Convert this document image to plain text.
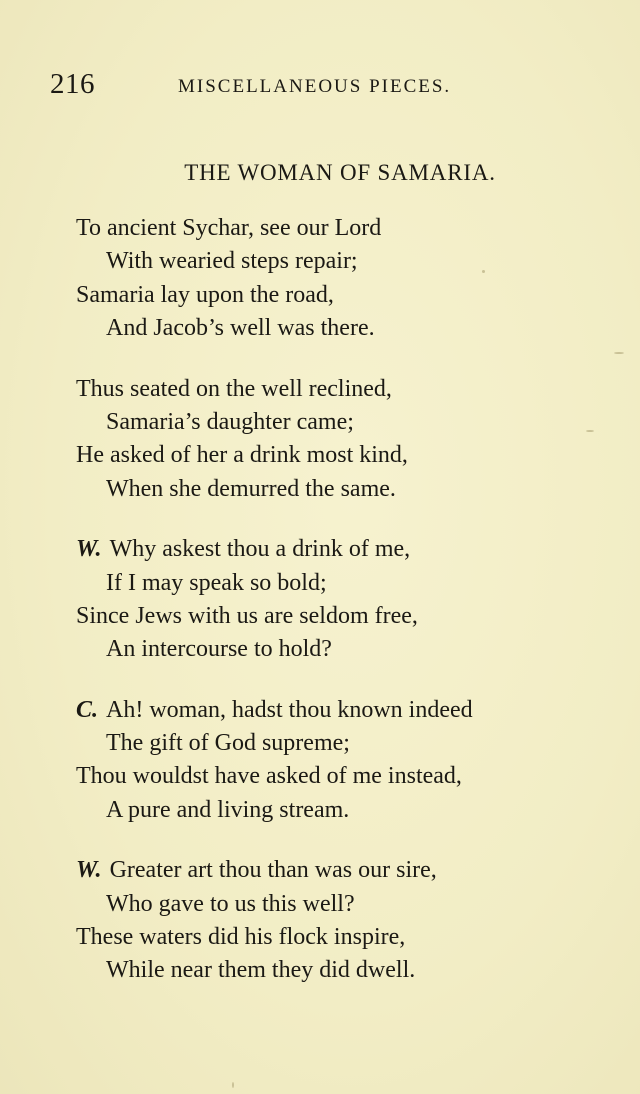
216	MISCELLANEOUS PIECES.
THE WOMAN OF SAMARIA.
To ancient Sychar, see our Lord
With wearied steps repair;
Samaria lay upon the road,
And Jacob’s well was there.
Thus seated on the well reclined,
Samaria’s daughter came;
He asked of her a drink most kind,
When she demurred the same.
W. Why askest thou a drink of me,
If I may speak so bold;
Since Jews with us are seldom free,
An intercourse to hold?
C. Ah! woman, hadst thou known indeed
The gift of God supreme;
Thou wouldst have asked of me instead,
A pure and living stream.
W. Greater art thou than was our sire,
Who gave to us this well?
These waters did his flock inspire,
While near them they did dwell.
